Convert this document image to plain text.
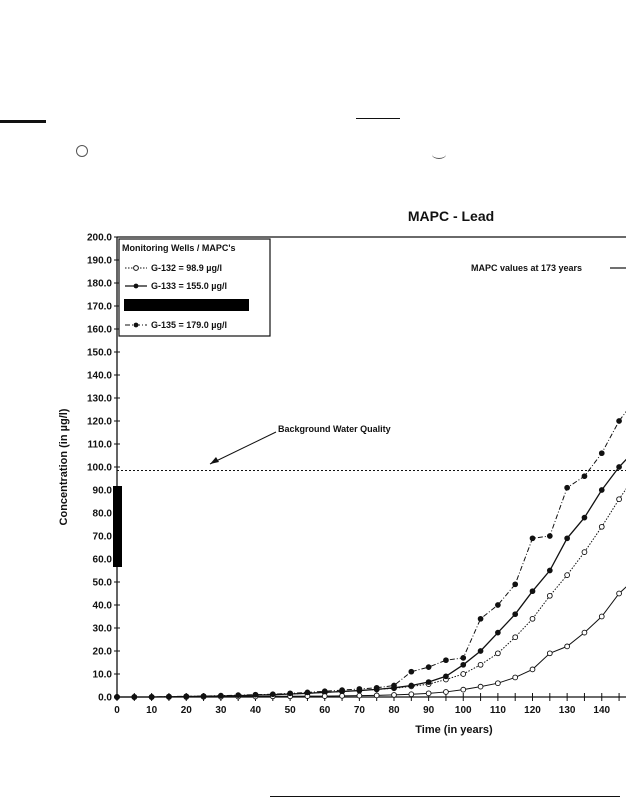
MAPC - Lead
0.0
10.0
20.0
30.0
40.0
50.0
60.0
70.0
80.0
90.0
100.0
110.0
120.0
130.0
140.0
150.0
160.0
170.0
180.0
190.0
200.0
0	10 20 30 40 50 60 70 80 90 100 110 120 130 140
Time (in years)
Concentration (in µg/l)	Background Water Quality
MAPC values at 173 years
Monitoring Wells / MAPC's
G-132 = 98.9 µg/l
G-133 = 155.0 µg/l
G-135 = 179.0 µg/l
